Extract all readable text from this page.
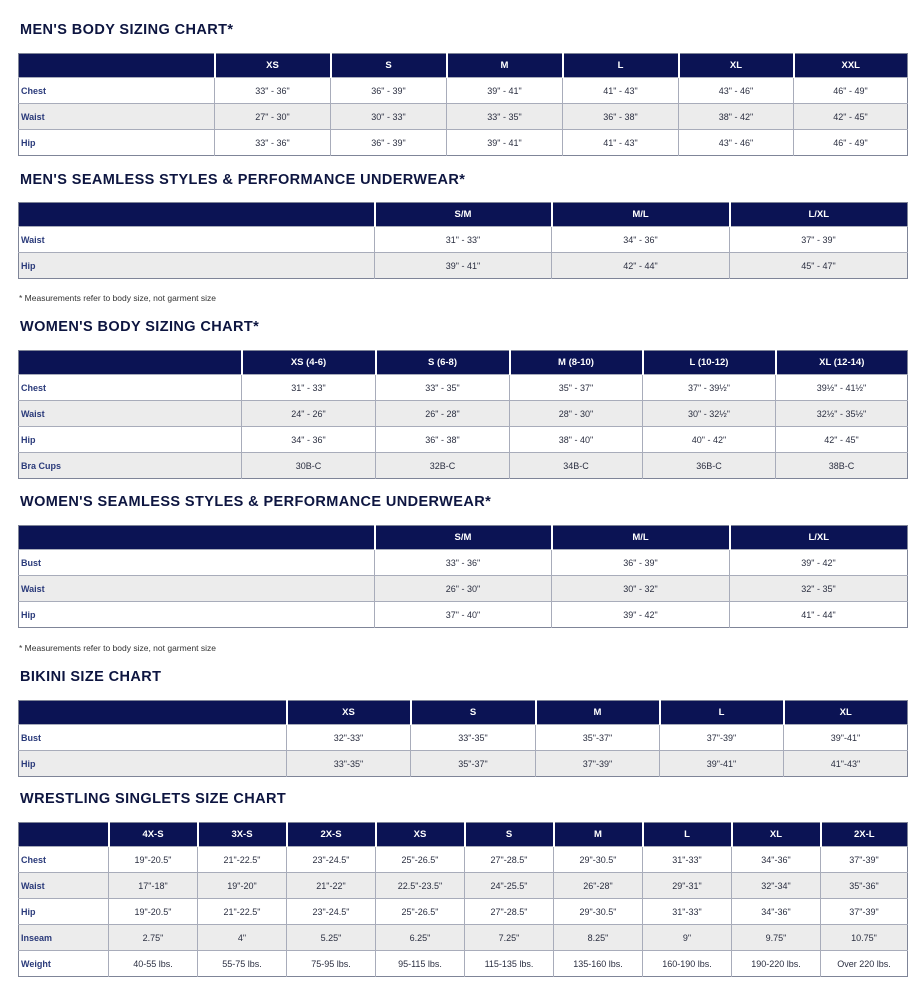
MEN'S BODY SIZING CHART*
	XS	S	M	L	XL	XXL
Chest	33" - 36"	36" - 39"	39" - 41"	41" - 43"	43" - 46"	46" - 49"
Waist	27" - 30"	30" - 33"	33" - 35"	36" - 38"	38" - 42"	42" - 45"
Hip	33" - 36"	36" - 39"	39" - 41"	41" - 43"	43" - 46"	46" - 49"
MEN'S SEAMLESS STYLES & PERFORMANCE UNDERWEAR*
	S/M	M/L	L/XL
Waist	31" - 33"	34" - 36"	37" - 39"
Hip	39" - 41"	42" - 44"	45" - 47"
* Measurements refer to body size, not garment size
WOMEN'S BODY SIZING CHART*
	XS (4-6)	S (6-8)	M (8-10)	L (10-12)	XL (12-14)
Chest	31" - 33"	33" - 35"	35" - 37"	37" - 39½"	39½" - 41½"
Waist	24" - 26"	26" - 28"	28" - 30"	30" - 32½"	32½" - 35½"
Hip	34" - 36"	36" - 38"	38" - 40"	40" - 42"	42" - 45"
Bra Cups	30B-C	32B-C	34B-C	36B-C	38B-C
WOMEN'S SEAMLESS STYLES & PERFORMANCE UNDERWEAR*
	S/M	M/L	L/XL
Bust	33" - 36"	36" - 39"	39" - 42"
Waist	26" - 30"	30" - 32"	32" - 35"
Hip	37" - 40"	39" - 42"	41" - 44"
* Measurements refer to body size, not garment size
BIKINI SIZE CHART
	XS	S	M	L	XL
Bust	32"-33"	33"-35"	35"-37"	37"-39"	39"-41"
Hip	33"-35"	35"-37"	37"-39"	39"-41"	41"-43"
WRESTLING SINGLETS SIZE CHART
	4X-S	3X-S	2X-S	XS	S	M	L	XL	2X-L
Chest	19"-20.5"	21"-22.5"	23"-24.5"	25"-26.5"	27"-28.5"	29"-30.5"	31"-33"	34"-36"	37"-39"
Waist	17"-18"	19"-20"	21"-22"	22.5"-23.5"	24"-25.5"	26"-28"	29"-31"	32"-34"	35"-36"
Hip	19"-20.5"	21"-22.5"	23"-24.5"	25"-26.5"	27"-28.5"	29"-30.5"	31"-33"	34"-36"	37"-39"
Inseam	2.75"	4"	5.25"	6.25"	7.25"	8.25"	9"	9.75"	10.75"
Weight	40-55 lbs.	55-75 lbs.	75-95 lbs.	95-115 lbs.	115-135 lbs.	135-160 lbs.	160-190 lbs.	190-220 lbs.	Over 220 lbs.
